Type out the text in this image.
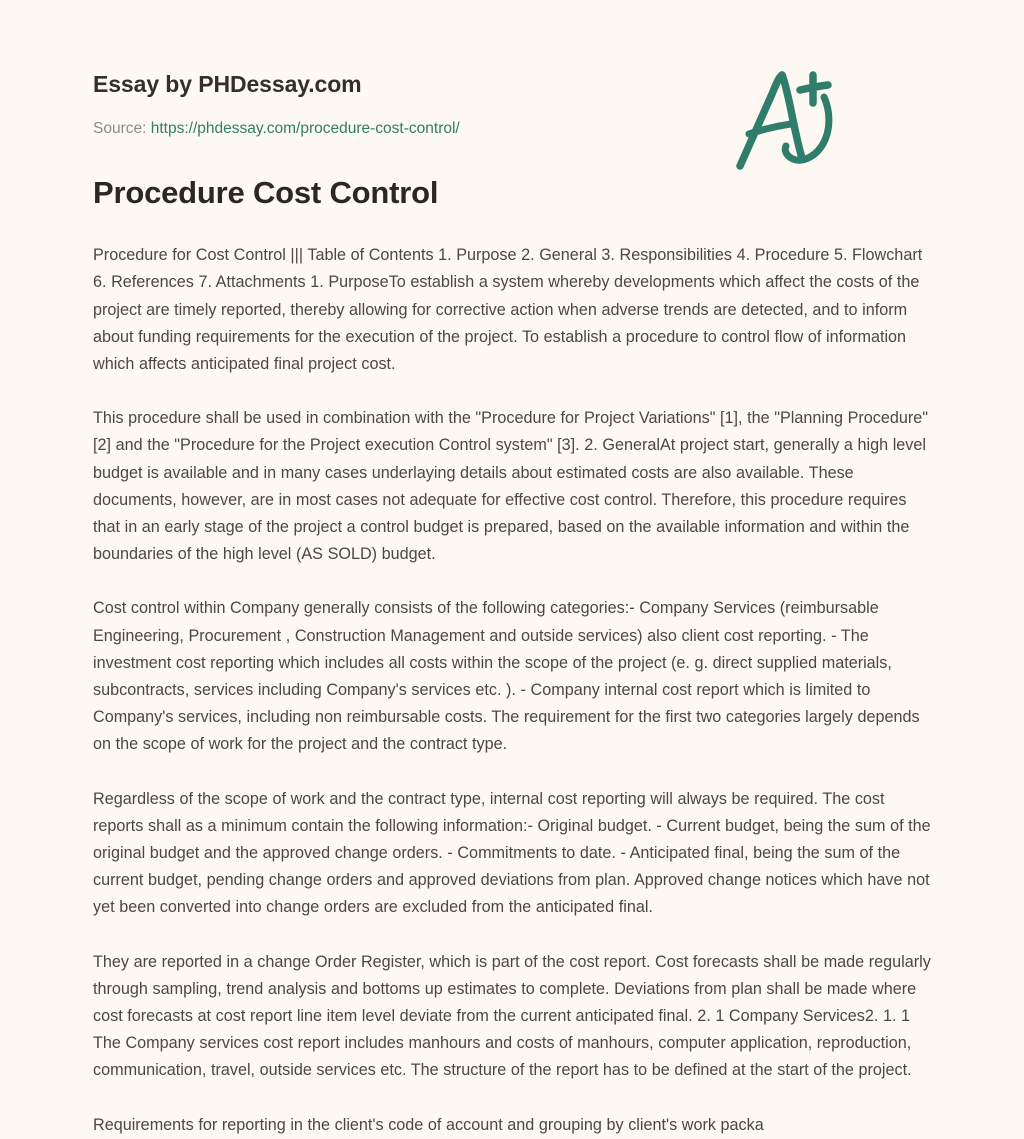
Essay by PHDessay.com
Source: https://phdessay.com/procedure-cost-control/
Procedure Cost Control

Procedure for Cost Control ||| Table of Contents 1. Purpose 2. General 3. Responsibilities 4. Procedure 5. Flowchart 6. References 7. Attachments 1. PurposeTo establish a system whereby developments which affect the costs of the project are timely reported, thereby allowing for corrective action when adverse trends are detected, and to inform about funding requirements for the execution of the project. To establish a procedure to control flow of information which affects anticipated final project cost.

This procedure shall be used in combination with the "Procedure for Project Variations" [1], the "Planning Procedure" [2] and the "Procedure for the Project execution Control system" [3]. 2. GeneralAt project start, generally a high level budget is available and in many cases underlaying details about estimated costs are also available. These documents, however, are in most cases not adequate for effective cost control. Therefore, this procedure requires that in an early stage of the project a control budget is prepared, based on the available information and within the boundaries of the high level (AS SOLD) budget.

Cost control within Company generally consists of the following categories:- Company Services (reimbursable Engineering, Procurement , Construction Management and outside services) also client cost reporting. - The investment cost reporting which includes all costs within the scope of the project (e. g. direct supplied materials, subcontracts, services including Company's services etc. ). - Company internal cost report which is limited to Company's services, including non reimbursable costs. The requirement for the first two categories largely depends on the scope of work for the project and the contract type.

Regardless of the scope of work and the contract type, internal cost reporting will always be required. The cost reports shall as a minimum contain the following information:- Original budget. - Current budget, being the sum of the original budget and the approved change orders. - Commitments to date. - Anticipated final, being the sum of the current budget, pending change orders and approved deviations from plan. Approved change notices which have not yet been converted into change orders are excluded from the anticipated final.

They are reported in a change Order Register, which is part of the cost report. Cost forecasts shall be made regularly through sampling, trend analysis and bottoms up estimates to complete. Deviations from plan shall be made where cost forecasts at cost report line item level deviate from the current anticipated final. 2. 1 Company Services2. 1. 1 The Company services cost report includes manhours and costs of manhours, computer application, reproduction, communication, travel, outside services etc. The structure of the report has to be defined at the start of the project.

Requirements for reporting in the client's code of account and grouping by client's work packa
